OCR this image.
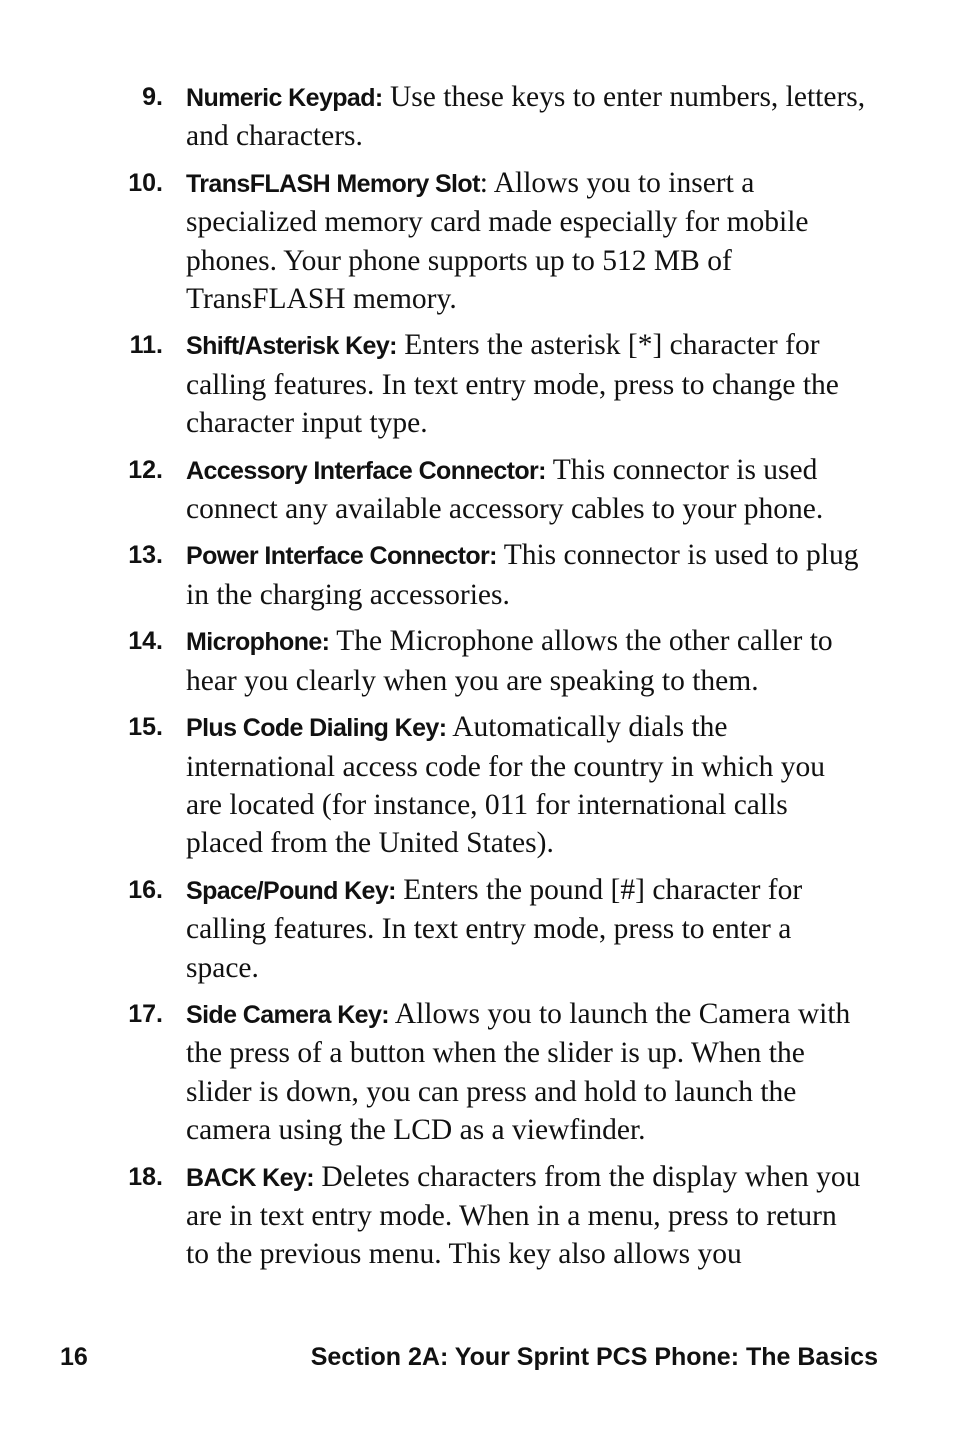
9. Numeric Keypad: Use these keys to enter numbers, letters, and characters.
10. TransFLASH Memory Slot: Allows you to insert a specialized memory card made especially for mobile phones. Your phone supports up to 512 MB of TransFLASH memory.
11. Shift/Asterisk Key: Enters the asterisk [*] character for calling features. In text entry mode, press to change the character input type.
12. Accessory Interface Connector: This connector is used connect any available accessory cables to your phone.
13. Power Interface Connector: This connector is used to plug in the charging accessories.
14. Microphone: The Microphone allows the other caller to hear you clearly when you are speaking to them.
15. Plus Code Dialing Key: Automatically dials the international access code for the country in which you are located (for instance, 011 for international calls placed from the United States).
16. Space/Pound Key: Enters the pound [#] character for calling features. In text entry mode, press to enter a space.
17. Side Camera Key: Allows you to launch the Camera with the press of a button when the slider is up. When the slider is down, you can press and hold to launch the camera using the LCD as a viewfinder.
18. BACK Key: Deletes characters from the display when you are in text entry mode. When in a menu, press to return to the previous menu. This key also allows you
16	Section 2A: Your Sprint PCS Phone: The Basics
